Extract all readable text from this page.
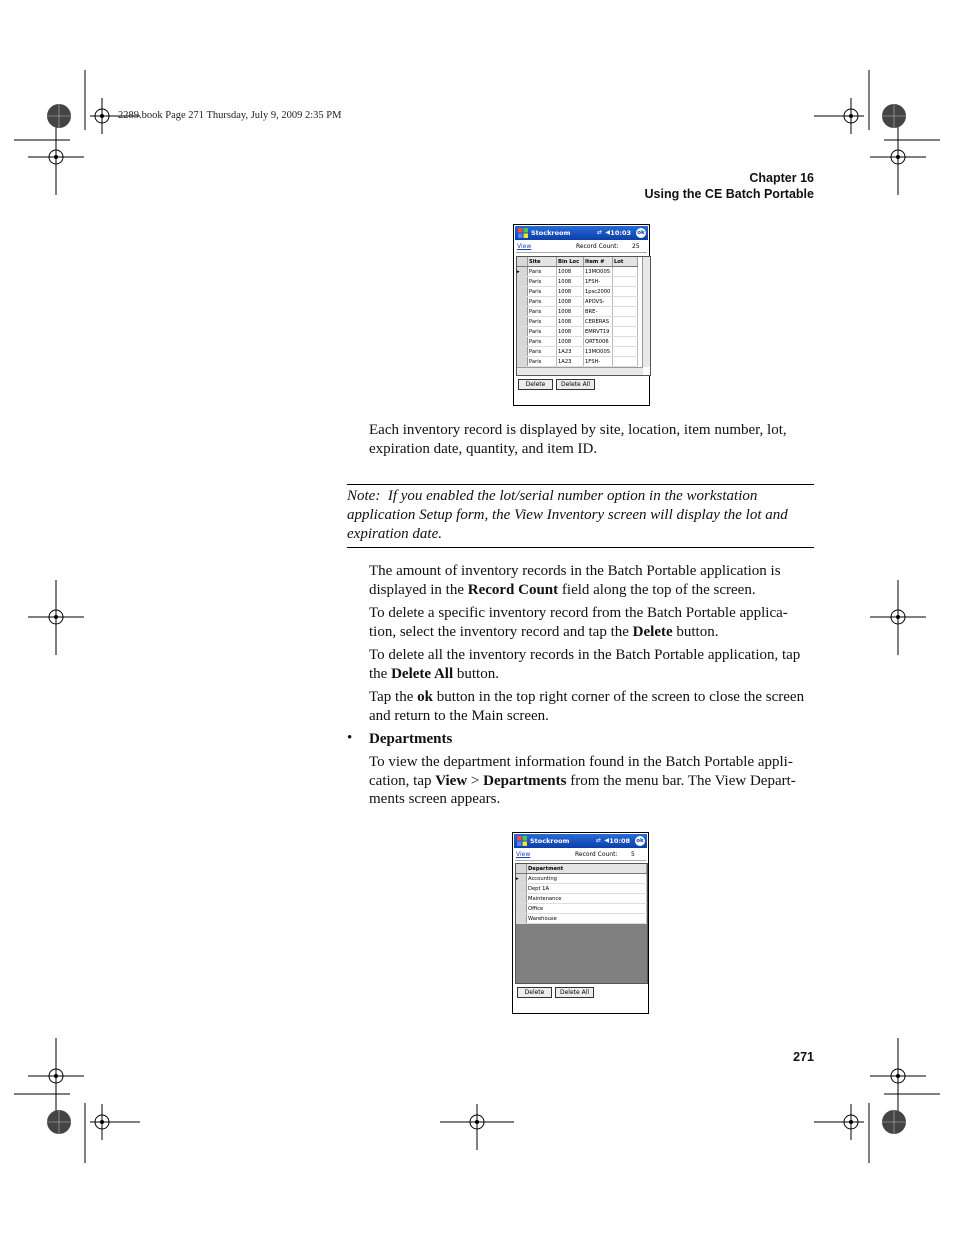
2289.book Page 271 Thursday, July 9, 2009 2:35 PM
Chapter 16
Using the CE Batch Portable
Stockroom	⇄ ◀ 10:03 ok
View	Record Count: 25
	Site	Bin Loc	Item #	Lot
▸	Paris	1008	13MO00S	
	Paris	1008	1FSH-	
	Paris	1008	1psc2000	
	Paris	1008	APOVS-	
	Paris	1008	BRE-	
	Paris	1008	CERERAS	
	Paris	1008	EMRVT19	
	Paris	1008	QRT5006	
	Paris	1A23	13MO00S	
	Paris	1A23	1FSH-	
Delete	Delete All
Each inventory record is displayed by site, location, item number, lot, expiration date, quantity, and item ID.
Note: If you enabled the lot/serial number option in the workstation application Setup form, the View Inventory screen will display the lot and expiration date.
The amount of inventory records in the Batch Portable application is displayed in the Record Count field along the top of the screen.
To delete a specific inventory record from the Batch Portable applica-tion, select the inventory record and tap the Delete button.
To delete all the inventory records in the Batch Portable application, tap the Delete All button.
Tap the ok button in the top right corner of the screen to close the screen and return to the Main screen.
• Departments
To view the department information found in the Batch Portable appli-cation, tap View > Departments from the menu bar. The View Depart-ments screen appears.
Stockroom	⇄ ◀ 10:08 ok
View	Record Count: 5
	Department
▸	Accounting
	Dept 1A
	Maintenance
	Office
	Warehouse
Delete	Delete All
271
